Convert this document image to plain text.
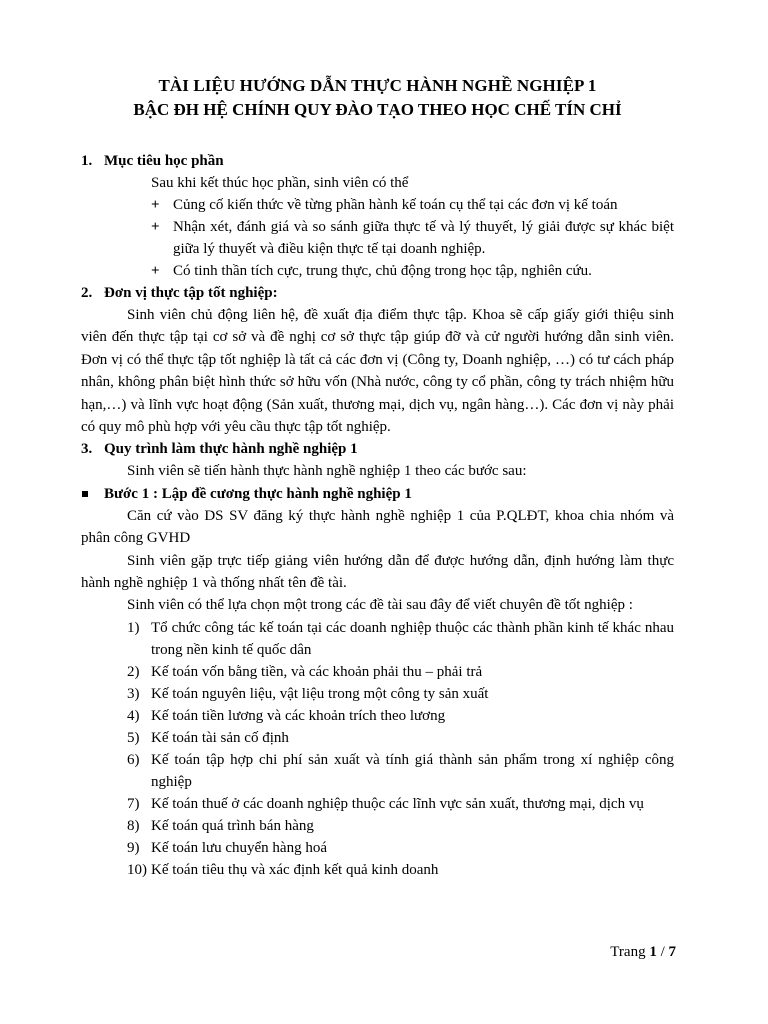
TÀI LIỆU HƯỚNG DẪN THỰC HÀNH NGHỀ NGHIỆP 1
BẬC ĐH HỆ CHÍNH QUY ĐÀO TẠO THEO HỌC CHẾ TÍN CHỈ
1. Mục tiêu học phần
Sau khi kết thúc học phần, sinh viên có thể
+ Củng cố kiến thức về từng phần hành kế toán cụ thể tại các đơn vị kế toán
+ Nhận xét, đánh giá và so sánh giữa thực tế và lý thuyết, lý giải được sự khác biệt giữa lý thuyết và điều kiện thực tế tại doanh nghiệp.
+ Có tinh thần tích cực, trung thực, chủ động trong học tập, nghiên cứu.
2. Đơn vị thực tập tốt nghiệp:
Sinh viên chủ động liên hệ, đề xuất địa điểm thực tập. Khoa sẽ cấp giấy giới thiệu sinh viên đến thực tập tại cơ sở và đề nghị cơ sở thực tập giúp đỡ và cử người hướng dẫn sinh viên. Đơn vị có thể thực tập tốt nghiệp là tất cả các đơn vị (Công ty, Doanh nghiệp, …) có tư cách pháp nhân, không phân biệt hình thức sở hữu vốn (Nhà nước, công ty cổ phần, công ty trách nhiệm hữu hạn,…) và lĩnh vực hoạt động (Sản xuất, thương mại, dịch vụ, ngân hàng…). Các đơn vị này phải có quy mô phù hợp với yêu cầu thực tập tốt nghiệp.
3. Quy trình làm thực hành nghề nghiệp 1
Sinh viên sẽ tiến hành thực hành nghề nghiệp 1 theo các bước sau:
Bước 1 : Lập đề cương thực hành nghề nghiệp 1
Căn cứ vào DS SV đăng ký thực hành nghề nghiệp 1 của P.QLĐT, khoa chia nhóm và phân công GVHD
Sinh viên gặp trực tiếp giảng viên hướng dẫn để được hướng dẫn, định hướng làm thực hành nghề nghiệp 1 và thống nhất tên đề tài.
Sinh viên có thể lựa chọn một trong các đề tài sau đây để viết chuyên đề tốt nghiệp :
1) Tổ chức công tác kế toán tại các doanh nghiệp thuộc các thành phần kinh tế khác nhau trong nền kinh tế quốc dân
2) Kế toán vốn bằng tiền, và các khoản phải thu – phải trả
3) Kế toán nguyên liệu, vật liệu trong một công ty sản xuất
4) Kế toán tiền lương và các khoản trích theo lương
5) Kế toán tài sản cố định
6) Kế toán tập hợp chi phí sản xuất và tính giá thành sản phẩm trong xí nghiệp công nghiệp
7) Kế toán thuế ở các doanh nghiệp thuộc các lĩnh vực sản xuất, thương mại, dịch vụ
8) Kế toán quá trình bán hàng
9) Kế toán lưu chuyển hàng hoá
10) Kế toán tiêu thụ và xác định kết quả kinh doanh
Trang 1 / 7
